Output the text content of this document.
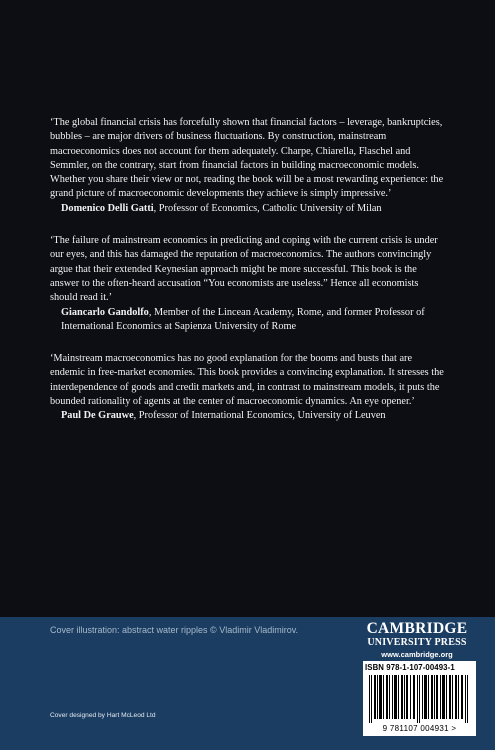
‘The global financial crisis has forcefully shown that financial factors – leverage, bankruptcies, bubbles – are major drivers of business fluctuations. By construction, mainstream macroeconomics does not account for them adequately. Charpe, Chiarella, Flaschel and Semmler, on the contrary, start from financial factors in building macroeconomic models. Whether you share their view or not, reading the book will be a most rewarding experience: the grand picture of macroeconomic developments they achieve is simply impressive.’

Domenico Delli Gatti, Professor of Economics, Catholic University of Milan

‘The failure of mainstream economics in predicting and coping with the current crisis is under our eyes, and this has damaged the reputation of macroeconomics. The authors convincingly argue that their extended Keynesian approach might be more successful. This book is the answer to the often-heard accusation “You economists are useless.” Hence all economists should read it.’

Giancarlo Gandolfo, Member of the Lincean Academy, Rome, and former Professor of International Economics at Sapienza University of Rome

‘Mainstream macroeconomics has no good explanation for the booms and busts that are endemic in free-market economies. This book provides a convincing explanation. It stresses the interdependence of goods and credit markets and, in contrast to mainstream models, it puts the bounded rationality of agents at the center of macroeconomic dynamics. An eye opener.’

Paul De Grauwe, Professor of International Economics, University of Leuven

Cover illustration: abstract water ripples © Vladimir Vladimirov.
Cover designed by Hart McLeod Ltd
CAMBRIDGE
UNIVERSITY PRESS
www.cambridge.org
ISBN 978-1-107-00493-1
9 781107 004931 >
